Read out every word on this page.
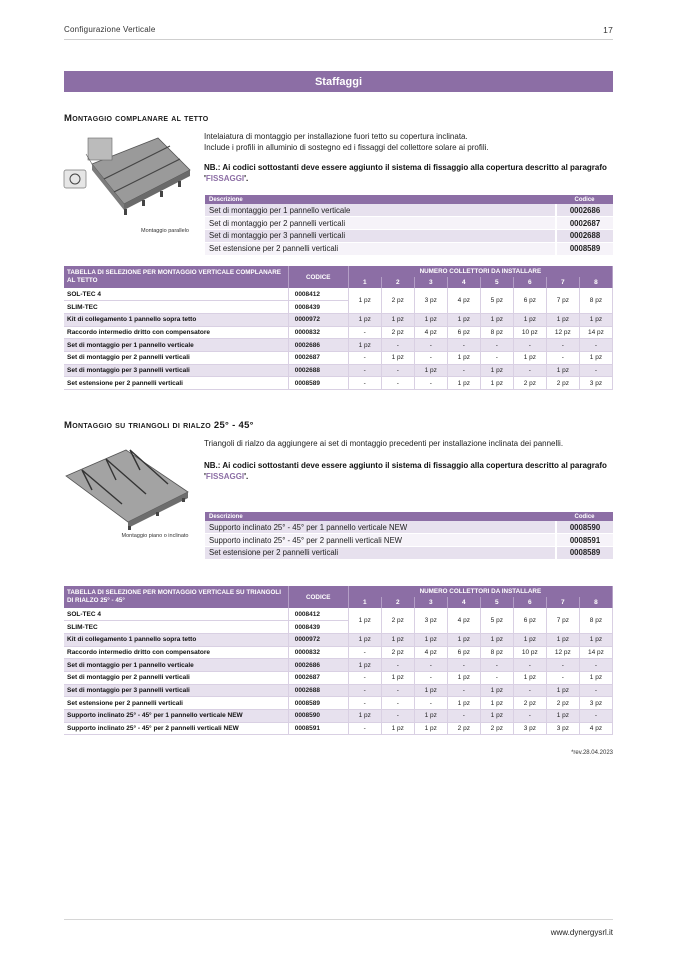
Configurazione Verticale	17
Staffaggi
Montaggio complanare al tetto
Montaggio parallelo
Intelaiatura di montaggio per installazione fuori tetto su copertura inclinata.
Include i profili in alluminio di sostegno ed i fissaggi del collettore solare ai profili.
NB.: Ai codici sottostanti deve essere aggiunto il sistema di fissaggio alla copertura descritto al paragrafo 'FISSAGGI'.
Descrizione	Codice
Set di montaggio per 1 pannello verticale	0002686
Set di montaggio per 2 pannelli verticali	0002687
Set di montaggio per 3 pannelli verticali	0002688
Set estensione per 2 pannelli verticali	0008589
TABELLA DI SELEZIONE PER MONTAGGIO VERTICALE COMPLANARE AL TETTO	CODICE	NUMERO COLLETTORI DA INSTALLARE							
		1	2	3	4	5	6	7	8
SOL-TEC 4	0008412	1 pz	2 pz	3 pz	4 pz	5 pz	6 pz	7 pz	8 pz
SLIM-TEC	0008439								
Kit di collegamento 1 pannello sopra tetto	0000972	1 pz	1 pz	1 pz	1 pz	1 pz	1 pz	1 pz	1 pz
Raccordo intermedio dritto con compensatore	0000832	-	2 pz	4 pz	6 pz	8 pz	10 pz	12 pz	14 pz
Set di montaggio per 1 pannello verticale	0002686	1 pz	-	-	-	-	-	-	-
Set di montaggio per 2 pannelli verticali	0002687	-	1 pz	-	1 pz	-	1 pz	-	1 pz
Set di montaggio per 3 pannelli verticali	0002688	-	-	1 pz	-	1 pz	-	1 pz	-
Set estensione per 2 pannelli verticali	0008589	-	-	-	1 pz	1 pz	2 pz	2 pz	3 pz
Montaggio su triangoli di rialzo 25° - 45°
Montaggio piano o inclinato
Triangoli di rialzo da aggiungere ai set di montaggio precedenti per installazione inclinata dei pannelli.
NB.: Ai codici sottostanti deve essere aggiunto il sistema di fissaggio alla copertura descritto al paragrafo 'FISSAGGI'.
Descrizione	Codice
Supporto inclinato 25° - 45° per 1 pannello verticale NEW	0008590
Supporto inclinato 25° - 45° per 2 pannelli verticali NEW	0008591
Set estensione per 2 pannelli verticali	0008589
TABELLA DI SELEZIONE PER MONTAGGIO VERTICALE SU TRIANGOLI DI RIALZO 25° - 45°	CODICE	NUMERO COLLETTORI DA INSTALLARE							
		1	2	3	4	5	6	7	8
SOL-TEC 4	0008412	1 pz	2 pz	3 pz	4 pz	5 pz	6 pz	7 pz	8 pz
SLIM-TEC	0008439								
Kit di collegamento 1 pannello sopra tetto	0000972	1 pz	1 pz	1 pz	1 pz	1 pz	1 pz	1 pz	1 pz
Raccordo intermedio dritto con compensatore	0000832	-	2 pz	4 pz	6 pz	8 pz	10 pz	12 pz	14 pz
Set di montaggio per 1 pannello verticale	0002686	1 pz	-	-	-	-	-	-	-
Set di montaggio per 2 pannelli verticali	0002687	-	1 pz	-	1 pz	-	1 pz	-	1 pz
Set di montaggio per 3 pannelli verticali	0002688	-	-	1 pz	-	1 pz	-	1 pz	-
Set estensione per 2 pannelli verticali	0008589	-	-	-	1 pz	1 pz	2 pz	2 pz	3 pz
Supporto inclinato 25° - 45° per 1 pannello verticale NEW	0008590	1 pz	-	1 pz	-	1 pz	-	1 pz	-
Supporto inclinato 25° - 45° per 2 pannelli verticali NEW	0008591	-	1 pz	1 pz	2 pz	2 pz	3 pz	3 pz	4 pz
*rev.28.04.2023
www.dynergysrl.it
